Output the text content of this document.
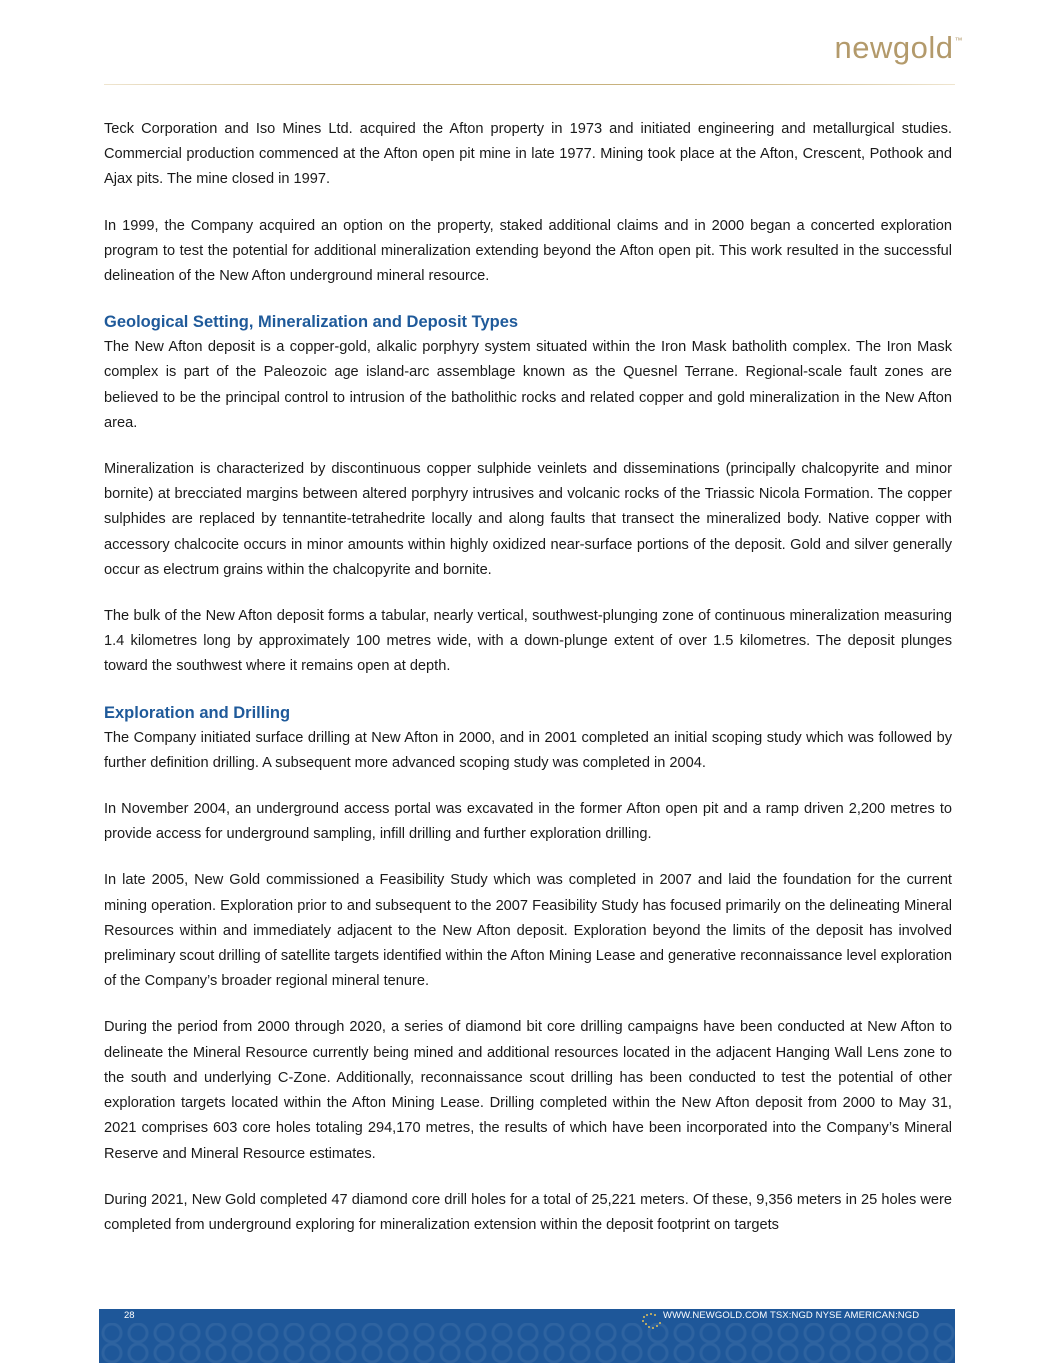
newgold™

Teck Corporation and Iso Mines Ltd. acquired the Afton property in 1973 and initiated engineering and metallurgical studies. Commercial production commenced at the Afton open pit mine in late 1977. Mining took place at the Afton, Crescent, Pothook and Ajax pits. The mine closed in 1997.

In 1999, the Company acquired an option on the property, staked additional claims and in 2000 began a concerted exploration program to test the potential for additional mineralization extending beyond the Afton open pit. This work resulted in the successful delineation of the New Afton underground mineral resource.

Geological Setting, Mineralization and Deposit Types

The New Afton deposit is a copper-gold, alkalic porphyry system situated within the Iron Mask batholith complex. The Iron Mask complex is part of the Paleozoic age island-arc assemblage known as the Quesnel Terrane. Regional-scale fault zones are believed to be the principal control to intrusion of the batholithic rocks and related copper and gold mineralization in the New Afton area.

Mineralization is characterized by discontinuous copper sulphide veinlets and disseminations (principally chalcopyrite and minor bornite) at brecciated margins between altered porphyry intrusives and volcanic rocks of the Triassic Nicola Formation. The copper sulphides are replaced by tennantite-tetrahedrite locally and along faults that transect the mineralized body. Native copper with accessory chalcocite occurs in minor amounts within highly oxidized near-surface portions of the deposit. Gold and silver generally occur as electrum grains within the chalcopyrite and bornite.

The bulk of the New Afton deposit forms a tabular, nearly vertical, southwest-plunging zone of continuous mineralization measuring 1.4 kilometres long by approximately 100 metres wide, with a down-plunge extent of over 1.5 kilometres. The deposit plunges toward the southwest where it remains open at depth.

Exploration and Drilling

The Company initiated surface drilling at New Afton in 2000, and in 2001 completed an initial scoping study which was followed by further definition drilling. A subsequent more advanced scoping study was completed in 2004.

In November 2004, an underground access portal was excavated in the former Afton open pit and a ramp driven 2,200 metres to provide access for underground sampling, infill drilling and further exploration drilling.

In late 2005, New Gold commissioned a Feasibility Study which was completed in 2007 and laid the foundation for the current mining operation. Exploration prior to and subsequent to the 2007 Feasibility Study has focused primarily on the delineating Mineral Resources within and immediately adjacent to the New Afton deposit. Exploration beyond the limits of the deposit has involved preliminary scout drilling of satellite targets identified within the Afton Mining Lease and generative reconnaissance level exploration of the Company’s broader regional mineral tenure.

During the period from 2000 through 2020, a series of diamond bit core drilling campaigns have been conducted at New Afton to delineate the Mineral Resource currently being mined and additional resources located in the adjacent Hanging Wall Lens zone to the south and underlying C-Zone. Additionally, reconnaissance scout drilling has been conducted to test the potential of other exploration targets located within the Afton Mining Lease. Drilling completed within the New Afton deposit from 2000 to May 31, 2021 comprises 603 core holes totaling 294,170 metres, the results of which have been incorporated into the Company’s Mineral Reserve and Mineral Resource estimates.

During 2021, New Gold completed 47 diamond core drill holes for a total of 25,221 meters. Of these, 9,356 meters in 25 holes were completed from underground exploring for mineralization extension within the deposit footprint on targets

28	WWW.NEWGOLD.COM TSX:NGD NYSE AMERICAN:NGD
